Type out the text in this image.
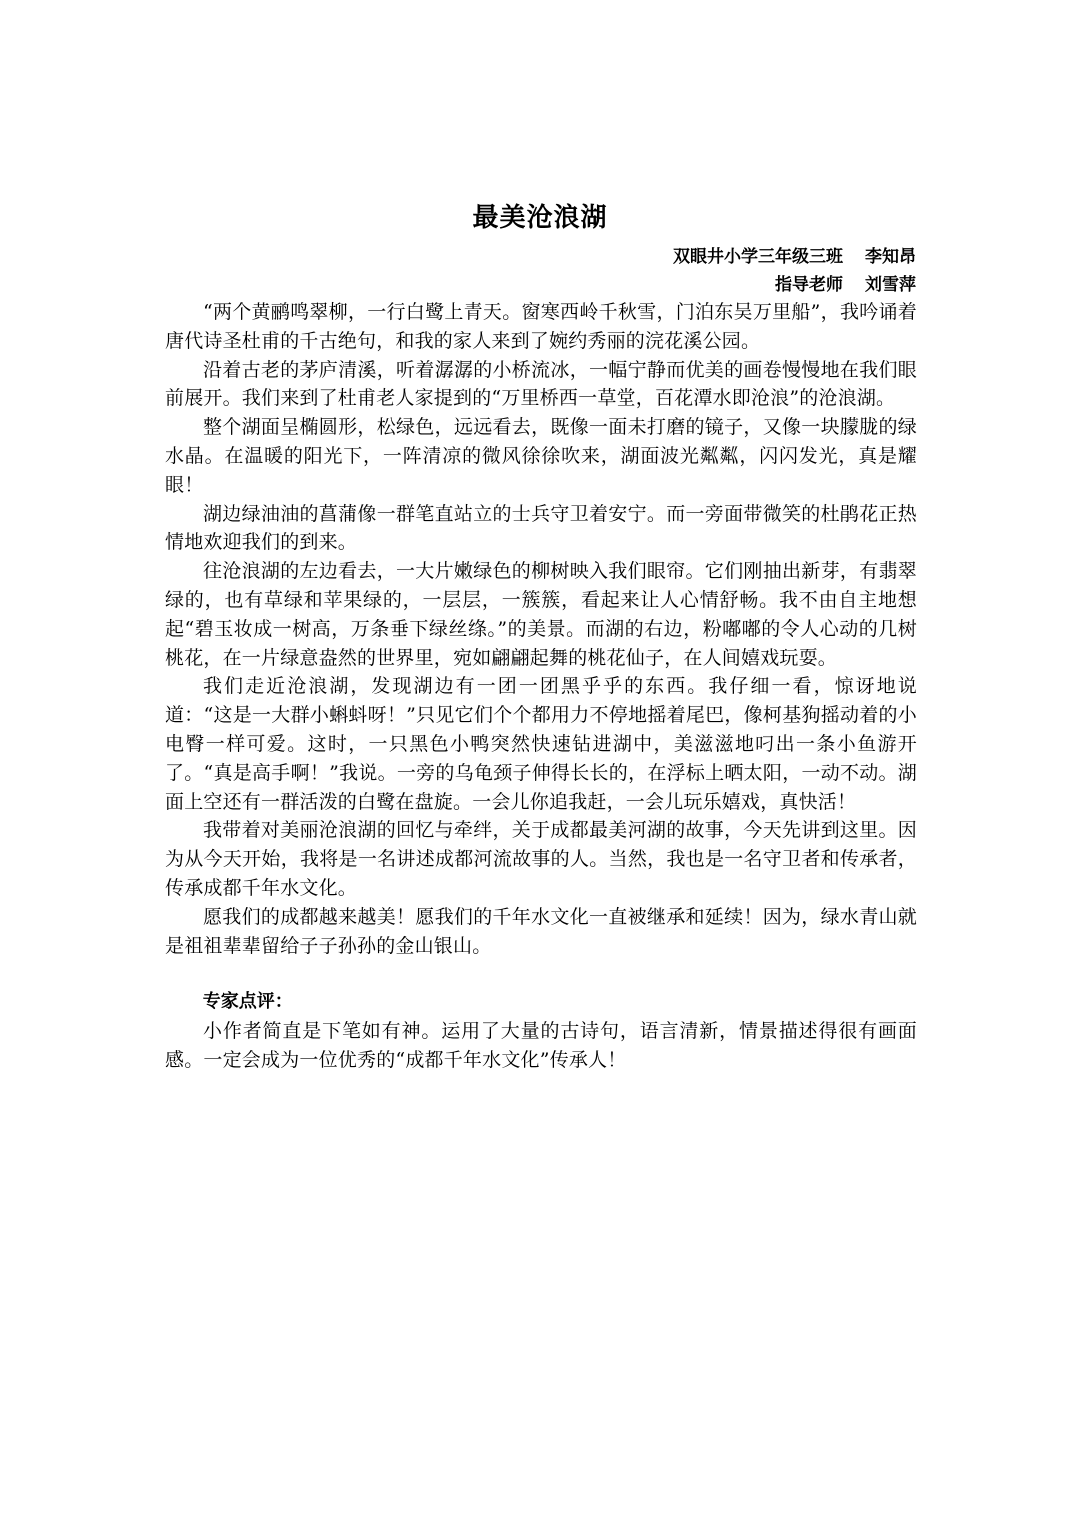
最美沧浪湖
双眼井小学三年级三班 李知昂
指导老师 刘雪萍

“两个黄鹂鸣翠柳，一行白鹭上青天。窗寒西岭千秋雪，门泊东吴万里船”，我吟诵着唐代诗圣杜甫的千古绝句，和我的家人来到了婉约秀丽的浣花溪公园。

沿着古老的茅庐清溪，听着潺潺的小桥流冰，一幅宁静而优美的画卷慢慢地在我们眼前展开。我们来到了杜甫老人家提到的“万里桥西一草堂，百花潭水即沧浪”的沧浪湖。

整个湖面呈椭圆形，松绿色，远远看去，既像一面未打磨的镜子，又像一块朦胧的绿水晶。在温暖的阳光下，一阵清凉的微风徐徐吹来，湖面波光粼粼，闪闪发光，真是耀眼！

湖边绿油油的菖蒲像一群笔直站立的士兵守卫着安宁。而一旁面带微笑的杜鹃花正热情地欢迎我们的到来。

往沧浪湖的左边看去，一大片嫩绿色的柳树映入我们眼帘。它们刚抽出新芽，有翡翠绿的，也有草绿和苹果绿的，一层层，一簇簇，看起来让人心情舒畅。我不由自主地想起“碧玉妆成一树高，万条垂下绿丝绦。”的美景。而湖的右边，粉嘟嘟的令人心动的几树桃花，在一片绿意盎然的世界里，宛如翩翩起舞的桃花仙子，在人间嬉戏玩耍。

我们走近沧浪湖，发现湖边有一团一团黑乎乎的东西。我仔细一看，惊讶地说道：“这是一大群小蝌蚪呀！”只见它们个个都用力不停地摇着尾巴，像柯基狗摇动着的小电臀一样可爱。这时，一只黑色小鸭突然快速钻进湖中，美滋滋地叼出一条小鱼游开了。“真是高手啊！”我说。一旁的乌龟颈子伸得长长的，在浮标上晒太阳，一动不动。湖面上空还有一群活泼的白鹭在盘旋。一会儿你追我赶，一会儿玩乐嬉戏，真快活！

我带着对美丽沧浪湖的回忆与牵绊，关于成都最美河湖的故事，今天先讲到这里。因为从今天开始，我将是一名讲述成都河流故事的人。当然，我也是一名守卫者和传承者，传承成都千年水文化。

愿我们的成都越来越美！愿我们的千年水文化一直被继承和延续！因为，绿水青山就是祖祖辈辈留给子子孙孙的金山银山。

专家点评：

小作者简直是下笔如有神。运用了大量的古诗句，语言清新，情景描述得很有画面感。一定会成为一位优秀的“成都千年水文化”传承人！
